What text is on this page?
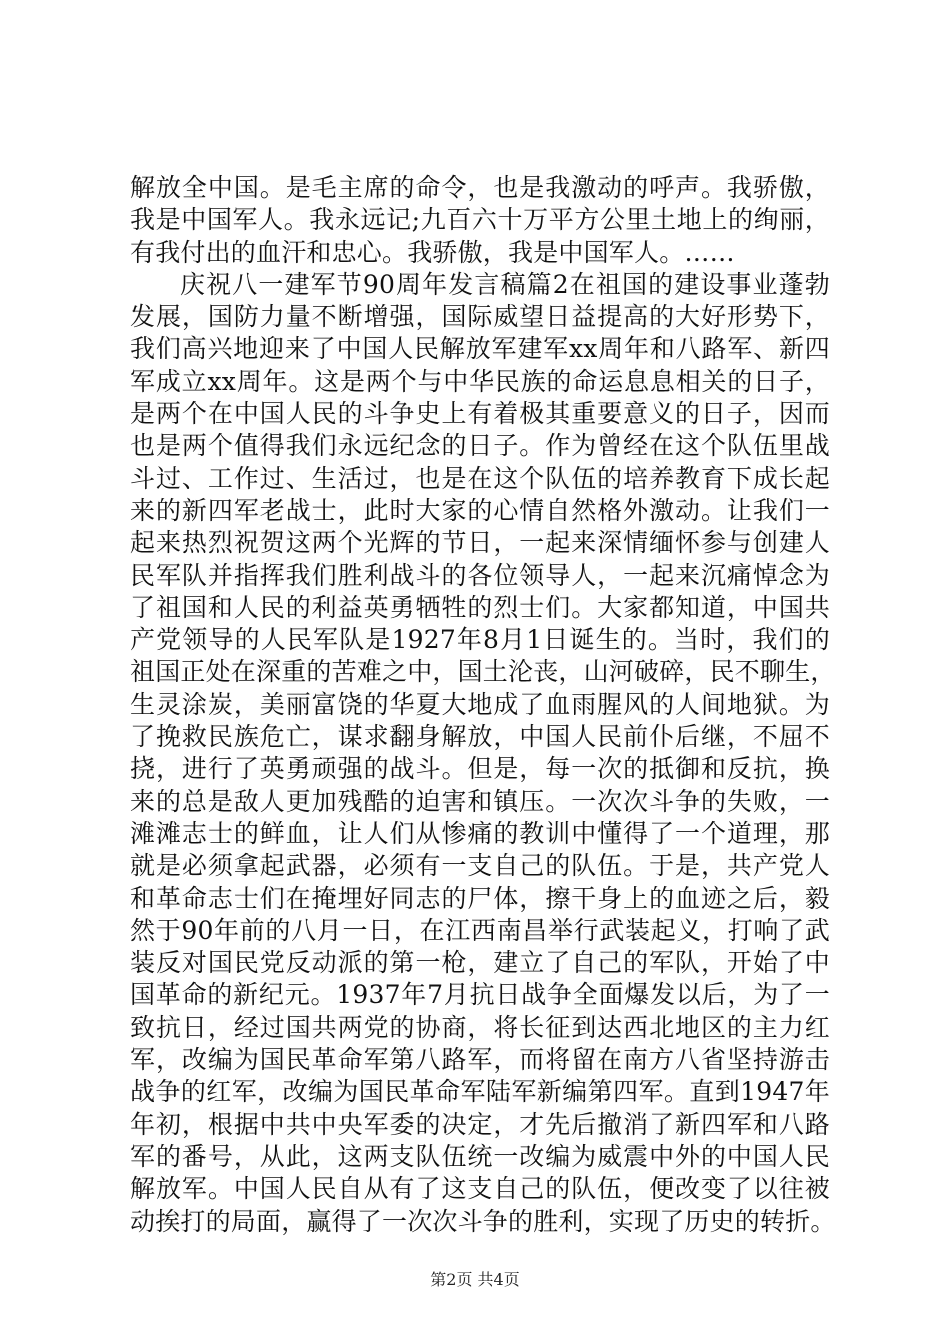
解放全中国。是毛主席的命令，也是我激动的呼声。我骄傲，
我是中国军人。我永远记;九百六十万平方公里土地上的绚丽，
有我付出的血汗和忠心。我骄傲，我是中国军人。……
庆祝八一建军节90周年发言稿篇2在祖国的建设事业蓬勃
发展，国防力量不断增强，国际威望日益提高的大好形势下，
我们高兴地迎来了中国人民解放军建军xx周年和八路军、新四
军成立xx周年。这是两个与中华民族的命运息息相关的日子，
是两个在中国人民的斗争史上有着极其重要意义的日子，因而
也是两个值得我们永远纪念的日子。作为曾经在这个队伍里战
斗过、工作过、生活过，也是在这个队伍的培养教育下成长起
来的新四军老战士，此时大家的心情自然格外激动。让我们一
起来热烈祝贺这两个光辉的节日，一起来深情缅怀参与创建人
民军队并指挥我们胜利战斗的各位领导人，一起来沉痛悼念为
了祖国和人民的利益英勇牺牲的烈士们。大家都知道，中国共
产党领导的人民军队是1927年8月1日诞生的。当时，我们的
祖国正处在深重的苦难之中，国土沦丧，山河破碎，民不聊生，
生灵涂炭，美丽富饶的华夏大地成了血雨腥风的人间地狱。为
了挽救民族危亡，谋求翻身解放，中国人民前仆后继，不屈不
挠，进行了英勇顽强的战斗。但是，每一次的抵御和反抗，换
来的总是敌人更加残酷的迫害和镇压。一次次斗争的失败，一
滩滩志士的鲜血，让人们从惨痛的教训中懂得了一个道理，那
就是必须拿起武器，必须有一支自己的队伍。于是，共产党人
和革命志士们在掩埋好同志的尸体，擦干身上的血迹之后，毅
然于90年前的八月一日，在江西南昌举行武装起义，打响了武
装反对国民党反动派的第一枪，建立了自己的军队，开始了中
国革命的新纪元。1937年7月抗日战争全面爆发以后，为了一
致抗日，经过国共两党的协商，将长征到达西北地区的主力红
军，改编为国民革命军第八路军，而将留在南方八省坚持游击
战争的红军，改编为国民革命军陆军新编第四军。直到1947年
年初，根据中共中央军委的决定，才先后撤消了新四军和八路
军的番号，从此，这两支队伍统一改编为威震中外的中国人民
解放军。中国人民自从有了这支自己的队伍，便改变了以往被
动挨打的局面，赢得了一次次斗争的胜利，实现了历史的转折。
第2页 共4页
